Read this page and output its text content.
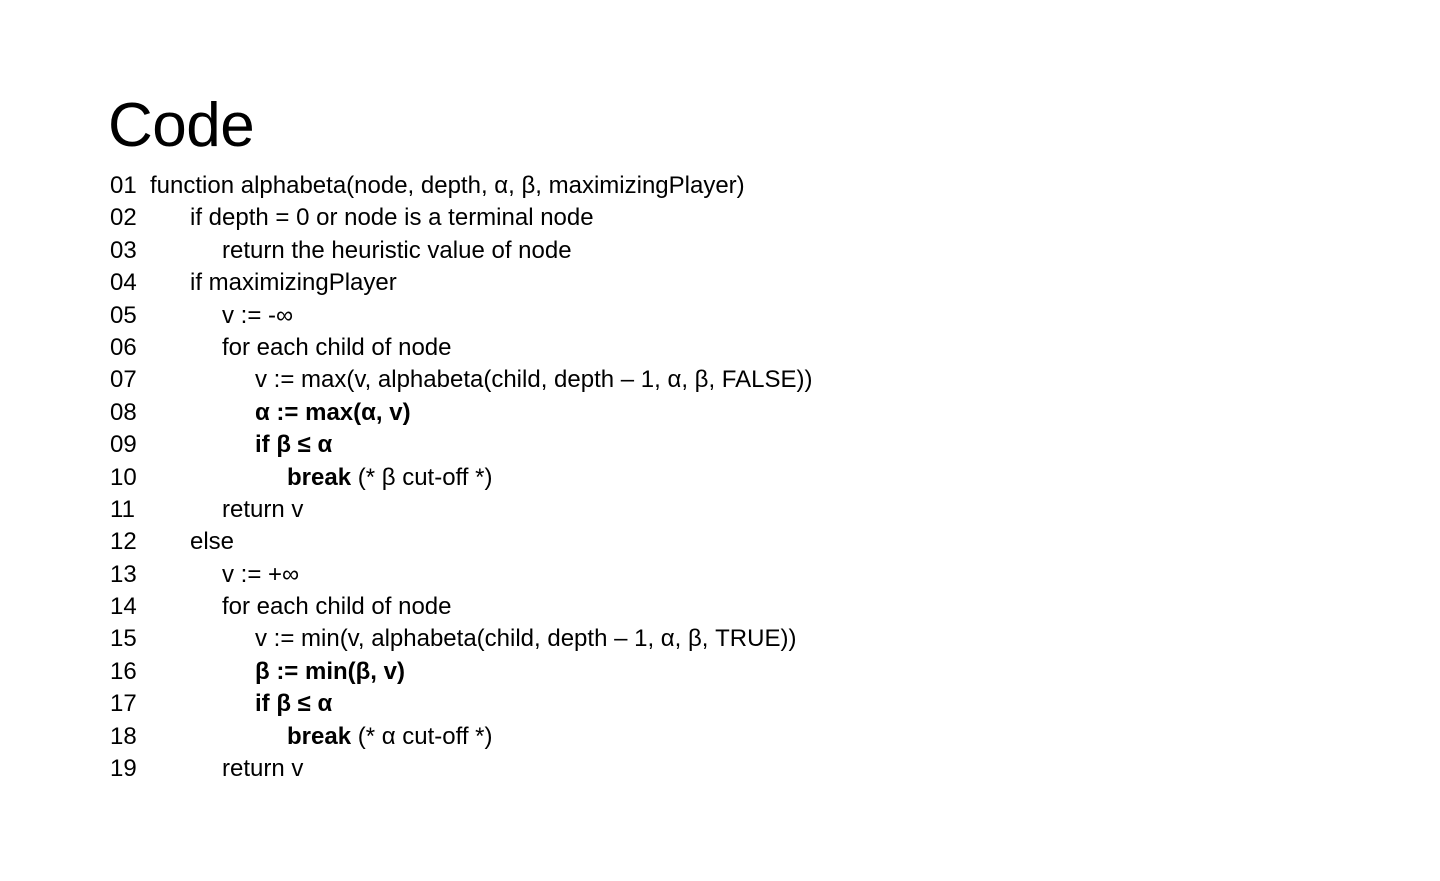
Code

01

function alphabeta(node, depth, α, β, maximizingPlayer)

02

	if depth = 0 or node is a terminal node

03

	return the heuristic value of node

04

	if maximizingPlayer

05

	v := -∞

06

	for each child of node

07

	v := max(v, alphabeta(child, depth – 1, α, β, FALSE))

08

	α := max(α, v)

09

	if β ≤ α

10

	break (* β cut-off *)

11

	return v

12

	else

13

	v := +∞

14

	for each child of node

15

	v := min(v, alphabeta(child, depth – 1, α, β, TRUE))

16

	β := min(β, v)

17

	if β ≤ α

18

	break (* α cut-off *)

19

	return v
